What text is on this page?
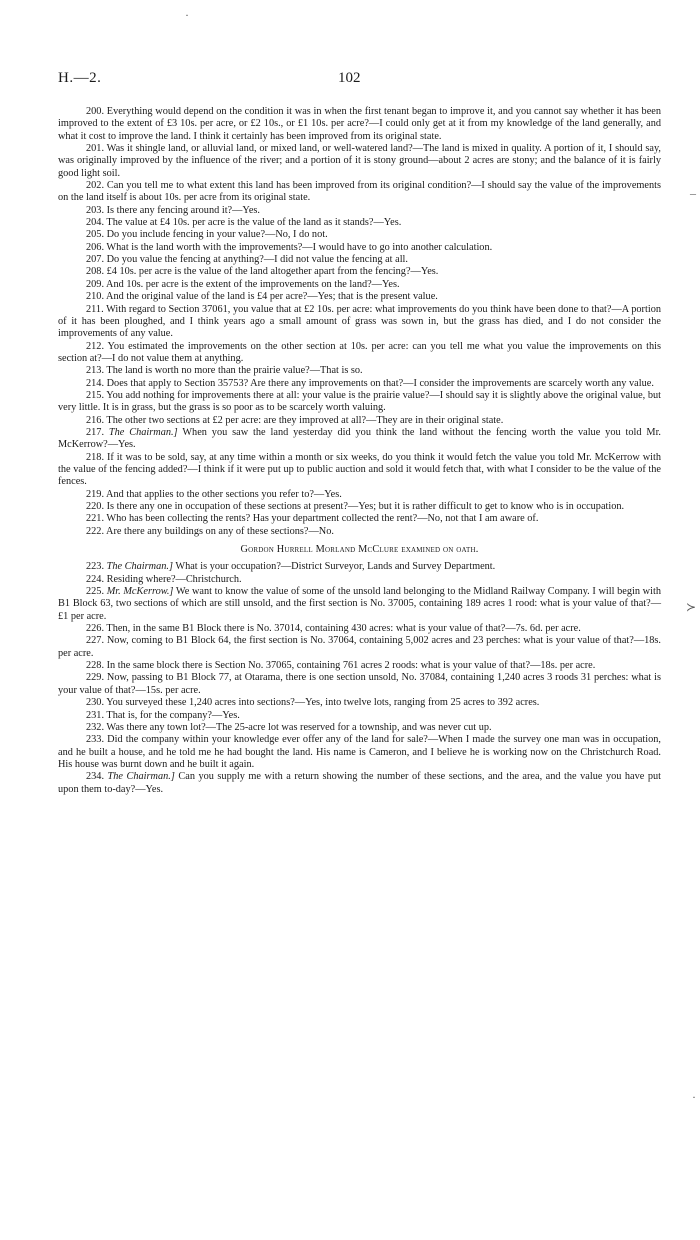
·
–
≻
·
H.—2.	102

200. Everything would depend on the condition it was in when the first tenant began to improve it, and you cannot say whether it has been improved to the extent of £3 10s. per acre, or £2 10s., or £1 10s. per acre?—I could only get at it from my knowledge of the land generally, and what it cost to improve the land. I think it certainly has been improved from its original state.

201. Was it shingle land, or alluvial land, or mixed land, or well-watered land?—The land is mixed in quality. A portion of it, I should say, was originally improved by the influence of the river; and a portion of it is stony ground—about 2 acres are stony; and the balance of it is fairly good light soil.

202. Can you tell me to what extent this land has been improved from its original condition?—I should say the value of the improvements on the land itself is about 10s. per acre from its original state.

203. Is there any fencing around it?—Yes.

204. The value at £4 10s. per acre is the value of the land as it stands?—Yes.

205. Do you include fencing in your value?—No, I do not.

206. What is the land worth with the improvements?—I would have to go into another calculation.

207. Do you value the fencing at anything?—I did not value the fencing at all.

208. £4 10s. per acre is the value of the land altogether apart from the fencing?—Yes.

209. And 10s. per acre is the extent of the improvements on the land?—Yes.

210. And the original value of the land is £4 per acre?—Yes; that is the present value.

211. With regard to Section 37061, you value that at £2 10s. per acre: what improvements do you think have been done to that?—A portion of it has been ploughed, and I think years ago a small amount of grass was sown in, but the grass has died, and I do not consider the improvements of any value.

212. You estimated the improvements on the other section at 10s. per acre: can you tell me what you value the improvements on this section at?—I do not value them at anything.

213. The land is worth no more than the prairie value?—That is so.

214. Does that apply to Section 35753? Are there any improvements on that?—I consider the improvements are scarcely worth any value.

215. You add nothing for improvements there at all: your value is the prairie value?—I should say it is slightly above the original value, but very little. It is in grass, but the grass is so poor as to be scarcely worth valuing.

216. The other two sections at £2 per acre: are they improved at all?—They are in their original state.

217. The Chairman.] When you saw the land yesterday did you think the land without the fencing worth the value you told Mr. McKerrow?—Yes.

218. If it was to be sold, say, at any time within a month or six weeks, do you think it would fetch the value you told Mr. McKerrow with the value of the fencing added?—I think if it were put up to public auction and sold it would fetch that, with what I consider to be the value of the fences.

219. And that applies to the other sections you refer to?—Yes.

220. Is there any one in occupation of these sections at present?—Yes; but it is rather difficult to get to know who is in occupation.

221. Who has been collecting the rents? Has your department collected the rent?—No, not that I am aware of.

222. Are there any buildings on any of these sections?—No.

Gordon Hurrell Morland McClure examined on oath.

223. The Chairman.] What is your occupation?—District Surveyor, Lands and Survey Department.

224. Residing where?—Christchurch.

225. Mr. McKerrow.] We want to know the value of some of the unsold land belonging to the Midland Railway Company. I will begin with B1 Block 63, two sections of which are still unsold, and the first section is No. 37005, containing 189 acres 1 rood: what is your value of that?—£1 per acre.

226. Then, in the same B1 Block there is No. 37014, containing 430 acres: what is your value of that?—7s. 6d. per acre.

227. Now, coming to B1 Block 64, the first section is No. 37064, containing 5,002 acres and 23 perches: what is your value of that?—18s. per acre.

228. In the same block there is Section No. 37065, containing 761 acres 2 roods: what is your value of that?—18s. per acre.

229. Now, passing to B1 Block 77, at Otarama, there is one section unsold, No. 37084, containing 1,240 acres 3 roods 31 perches: what is your value of that?—15s. per acre.

230. You surveyed these 1,240 acres into sections?—Yes, into twelve lots, ranging from 25 acres to 392 acres.

231. That is, for the company?—Yes.

232. Was there any town lot?—The 25-acre lot was reserved for a township, and was never cut up.

233. Did the company within your knowledge ever offer any of the land for sale?—When I made the survey one man was in occupation, and he built a house, and he told me he had bought the land. His name is Cameron, and I believe he is working now on the Christchurch Road. His house was burnt down and he built it again.

234. The Chairman.] Can you supply me with a return showing the number of these sections, and the area, and the value you have put upon them to-day?—Yes.
